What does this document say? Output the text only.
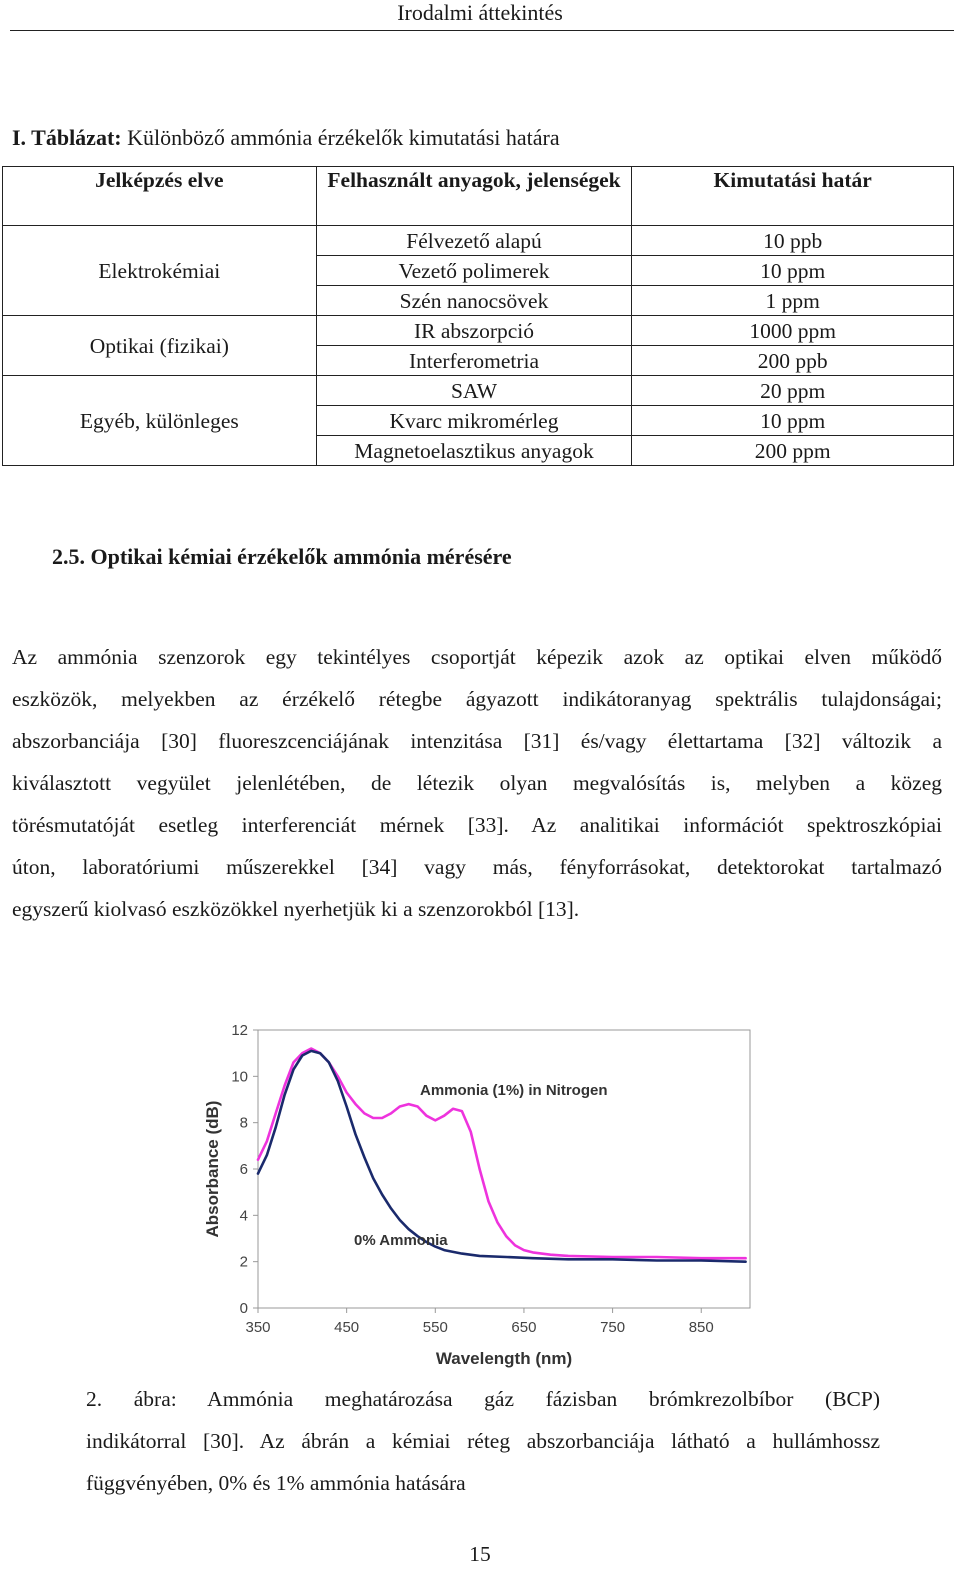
Irodalmi áttekintés
I. Táblázat: Különböző ammónia érzékelők kimutatási határa
Jelképzés elve	Felhasznált anyagok, jelenségek	Kimutatási határ
Elektrokémiai	Félvezető alapú	10 ppb
	Vezető polimerek	10 ppm
	Szén nanocsövek	1 ppm
Optikai (fizikai)	IR abszorpció	1000 ppm
	Interferometria	200 ppb
Egyéb, különleges	SAW	20 ppm
	Kvarc mikromérleg	10 ppm
	Magnetoelasztikus anyagok	200 ppm
2.5. Optikai kémiai érzékelők ammónia mérésére
Az ammónia szenzorok egy tekintélyes csoportját képezik azok az optikai elven működő
eszközök, melyekben az érzékelő rétegbe ágyazott indikátoranyag spektrális tulajdonságai;
abszorbanciája [30] fluoreszcenciájának intenzitása [31] és/vagy élettartama [32] változik a
kiválasztott vegyület jelenlétében, de létezik olyan megvalósítás is, melyben a közeg
törésmutatóját esetleg interferenciát mérnek [33]. Az analitikai információt spektroszkópiai
úton, laboratóriumi műszerekkel [34] vagy más, fényforrásokat, detektorokat tartalmazó
egyszerű kiolvasó eszközökkel nyerhetjük ki a szenzorokból [13].
0
2
4
6
8
10
12
350	450	550	650	750	850
Ammonia (1%) in Nitrogen
0% Ammonia
Wavelength (nm)
Absorbance (dB)
2. ábra: Ammónia meghatározása gáz fázisban brómkrezolbíbor (BCP)
indikátorral [30]. Az ábrán a kémiai réteg abszorbanciája látható a hullámhossz
függvényében, 0% és 1% ammónia hatására
15
